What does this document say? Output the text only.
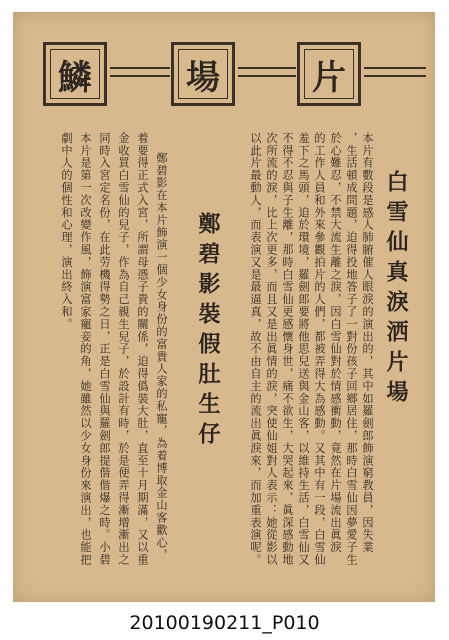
鱗	場	片
白雪仙真淚洒片場
本片有數段是感人肺腑催人眼淚的演出的，其中如羅劍郎飾演窮教員，因失業
，生活頓成問題，迫得投地答子了一對份孩子回鄉居住，那時白雪仙因夢愛子生
於心難忍，不禁大流生離之淚，因白雪仙對於情感衝動，竟然在片場流出眞淚
的工作人員和外來參觀拍片的人們，都被弄得大為感動。又其中有一段，白雪仙
羞下之馬頭，迫於環境，羅劍郎要將他思兒送與金山客，以維持生活，白雪仙又
不得不忍與子生離，那時白雪仙更感懷身世，痛不欲生，大哭起來，眞深感動地
次所流的淚，比上次更多，而且又是出眞情的淚，突使仙姐對人表示：她從影以
以此片最動人，而表演又是最逼真，故不由自主的流出眞淚來，而加重表演呢。
鄭碧影裝假肚生仔
鄭碧影在本片飾演一個少女身份的富貴人家的私寵，為着博取金山客歡心，
着要得正式入宮，所謂母憑子貴的關係，迫得僞裝大肚，直至十月期滿，又以重
金收買白雪仙的兒子，作為自己親生兒子，於設計有時，於是便弄得漸增漸出之
同時入宮定名份，在此劳機得勢之日，正是白雪仙與羅劍郎提偕偕爆之時。小碧
本片是第一次改變作風，飾演富家寵妾的角，她雖然以少女身份來演出，也能把
劇中人的個性和心理，演出終入和。
20100190211_P010
